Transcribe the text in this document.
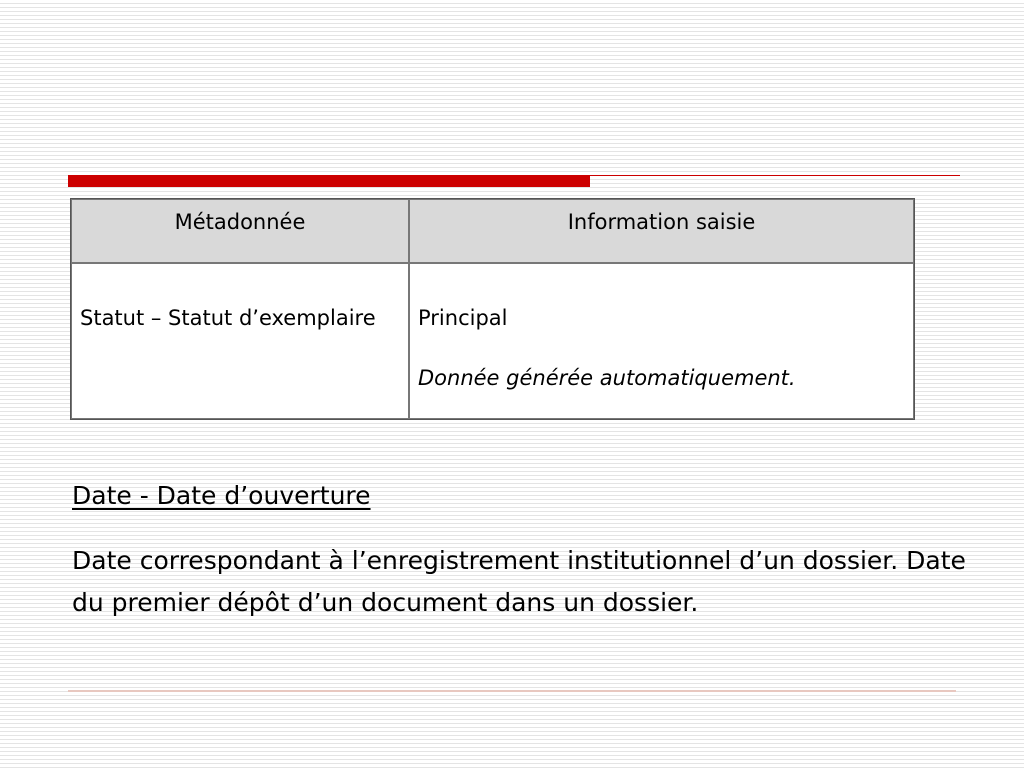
Métadonnée	Information saisie
Statut – Statut d’exemplaire	Principal
Donnée générée automatiquement.
Date - Date d’ouverture

Date correspondant à l’enregistrement institutionnel d’un dossier. Date du premier dépôt d’un document dans un dossier.
